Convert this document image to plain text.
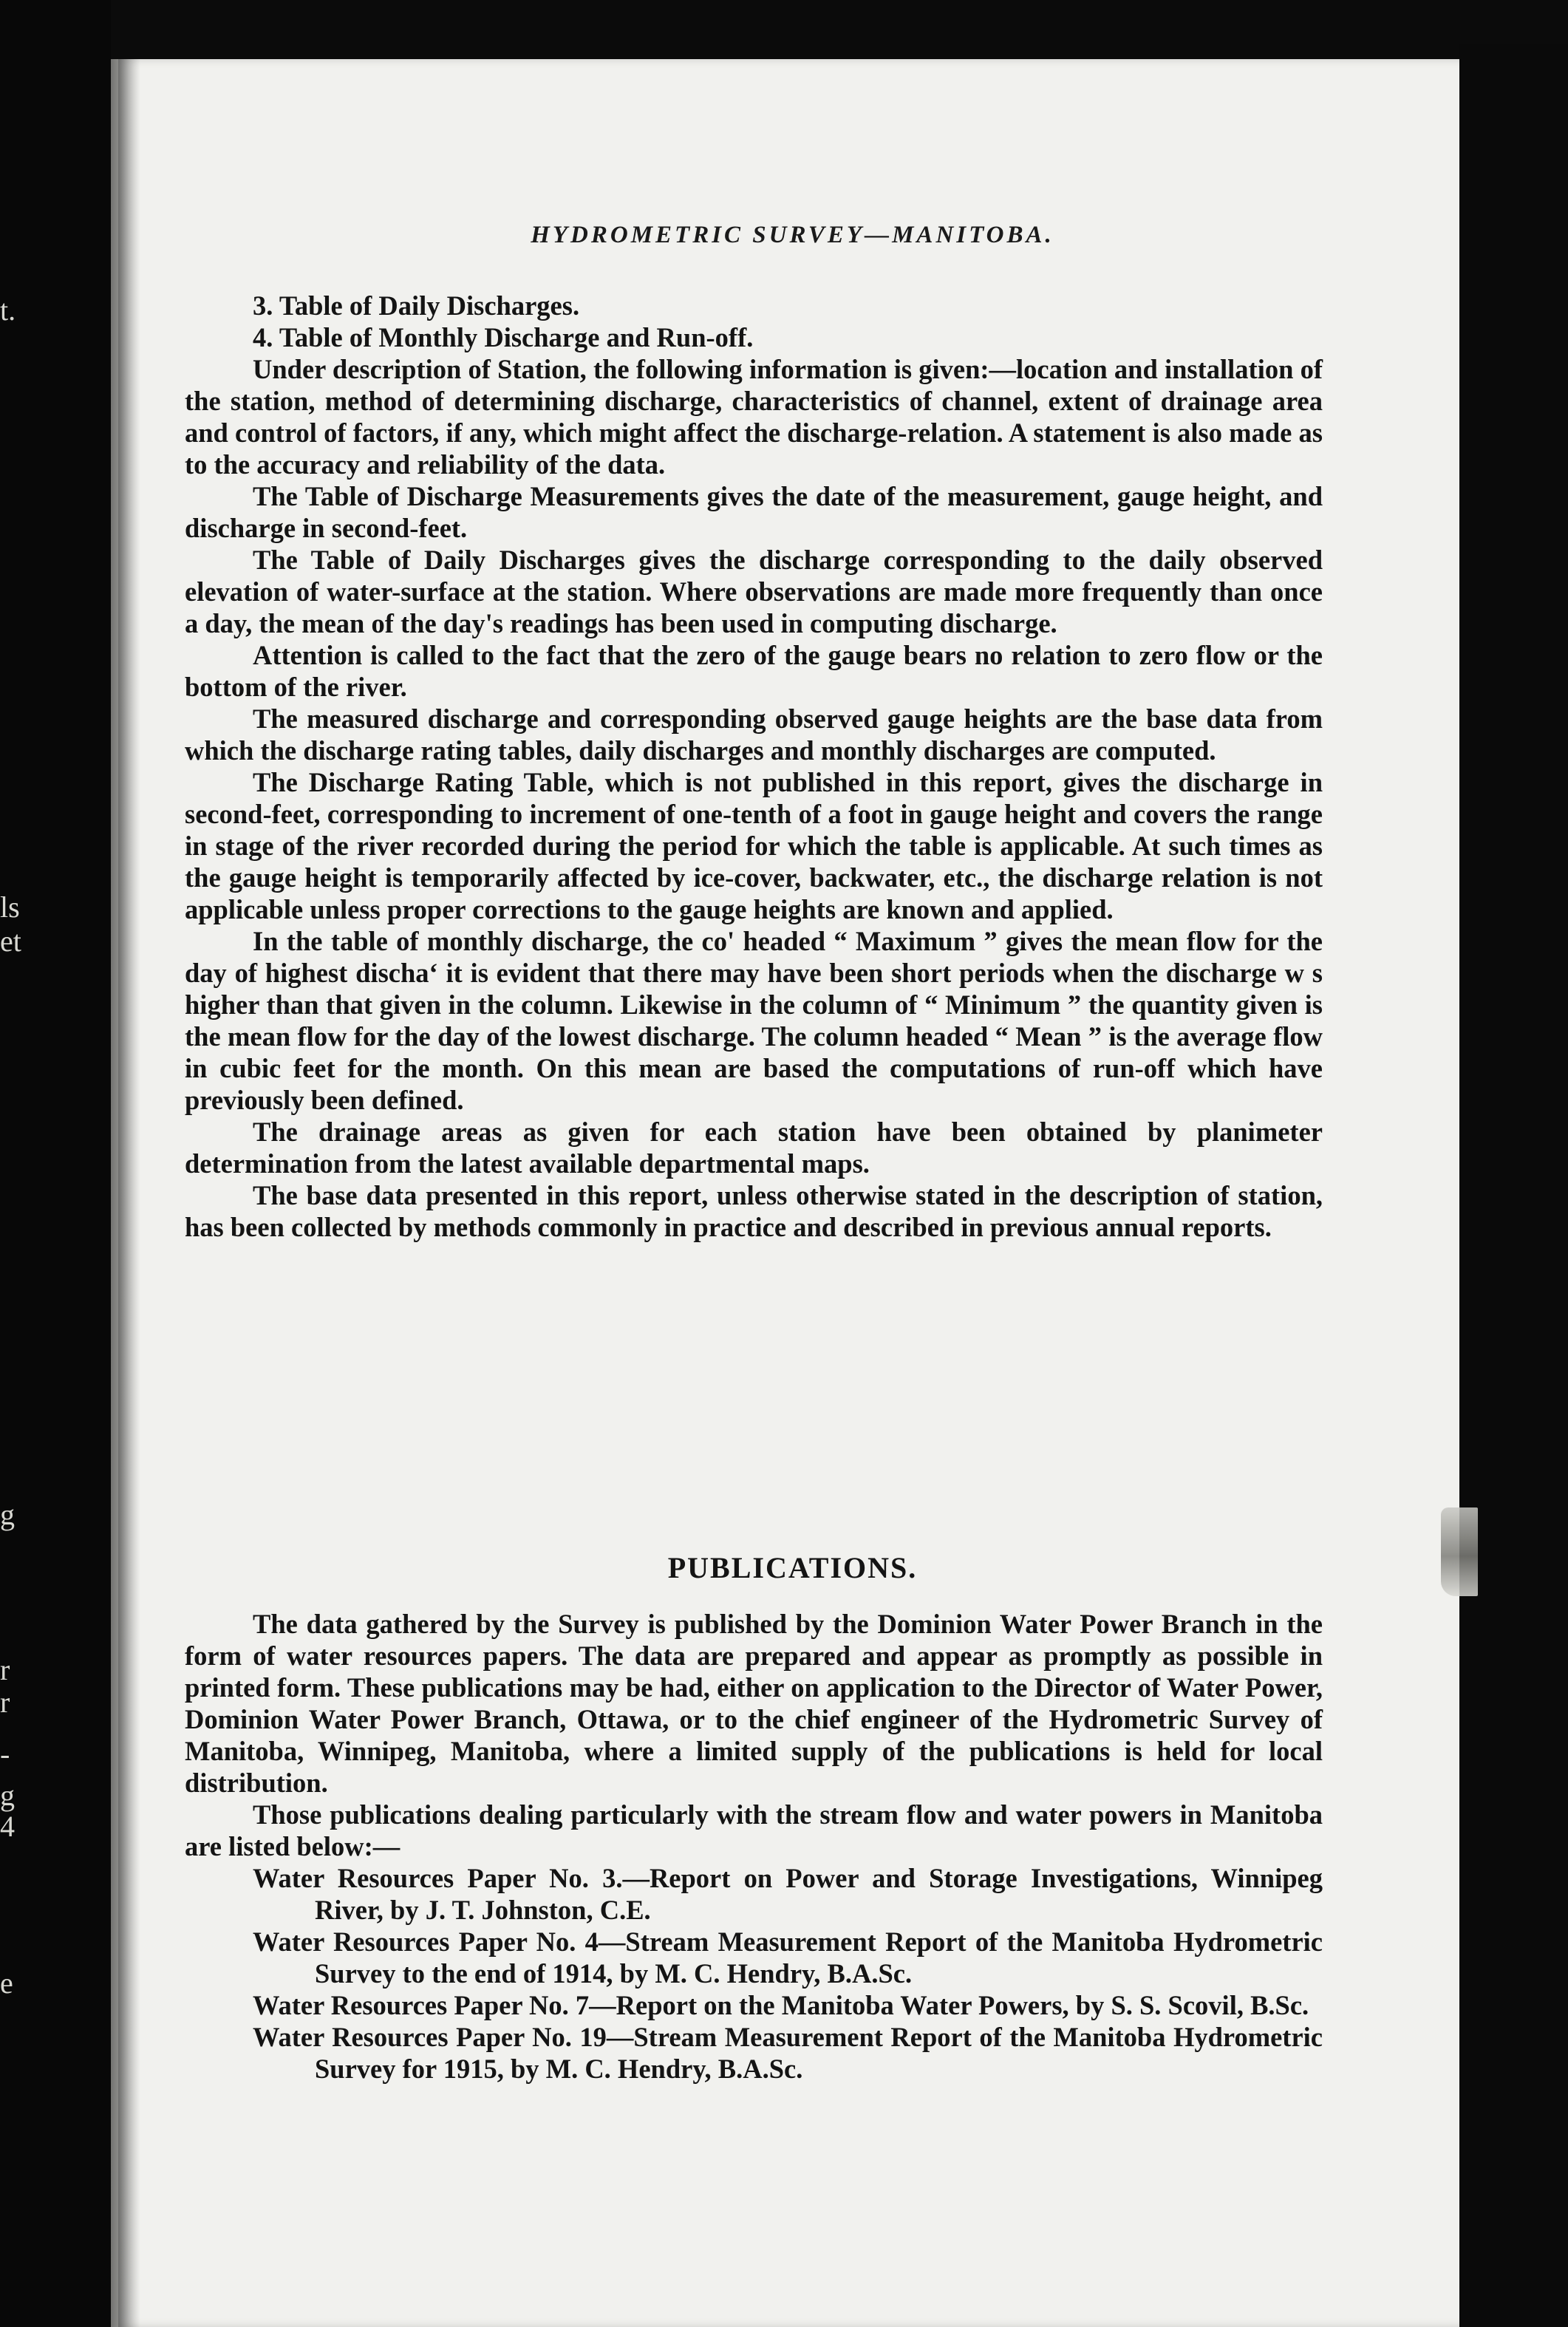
t.
ls
et
g
r
r
-
g
4
e
HYDROMETRIC SURVEY—MANITOBA.

3. Table of Daily Discharges.

4. Table of Monthly Discharge and Run-off.

Under description of Station, the following information is given:—location and installation of the station, method of determining discharge, characteristics of channel, extent of drainage area and control of factors, if any, which might affect the discharge-relation. A statement is also made as to the accuracy and reliability of the data.

The Table of Discharge Measurements gives the date of the measurement, gauge height, and discharge in second-feet.

The Table of Daily Discharges gives the discharge corresponding to the daily observed elevation of water-surface at the station. Where observations are made more frequently than once a day, the mean of the day's readings has been used in computing discharge.

Attention is called to the fact that the zero of the gauge bears no relation to zero flow or the bottom of the river.

The measured discharge and corresponding observed gauge heights are the base data from which the discharge rating tables, daily discharges and monthly discharges are computed.

The Discharge Rating Table, which is not published in this report, gives the discharge in second-feet, corresponding to increment of one-tenth of a foot in gauge height and covers the range in stage of the river recorded during the period for which the table is applicable. At such times as the gauge height is temporarily affected by ice-cover, backwater, etc., the discharge relation is not applicable unless proper corrections to the gauge heights are known and applied.

In the table of monthly discharge, the co' headed “ Maximum ” gives the mean flow for the day of highest dischaʻ it is evident that there may have been short periods when the discharge w s higher than that given in the column. Likewise in the column of “ Minimum ” the quantity given is the mean flow for the day of the lowest discharge. The column headed “ Mean ” is the average flow in cubic feet for the month. On this mean are based the computations of run-off which have previously been defined.

The drainage areas as given for each station have been obtained by planimeter determination from the latest available departmental maps.

The base data presented in this report, unless otherwise stated in the description of station, has been collected by methods commonly in practice and described in previous annual reports.

PUBLICATIONS.

The data gathered by the Survey is published by the Dominion Water Power Branch in the form of water resources papers. The data are prepared and appear as promptly as possible in printed form. These publications may be had, either on application to the Director of Water Power, Dominion Water Power Branch, Ottawa, or to the chief engineer of the Hydrometric Survey of Manitoba, Winnipeg, Manitoba, where a limited supply of the publications is held for local distribution.

Those publications dealing particularly with the stream flow and water powers in Manitoba are listed below:—

Water Resources Paper No. 3.—Report on Power and Storage Investigations, Winnipeg River, by J. T. Johnston, C.E.

Water Resources Paper No. 4—Stream Measurement Report of the Manitoba Hydrometric Survey to the end of 1914, by M. C. Hendry, B.A.Sc.

Water Resources Paper No. 7—Report on the Manitoba Water Powers, by S. S. Scovil, B.Sc.

Water Resources Paper No. 19—Stream Measurement Report of the Manitoba Hydrometric Survey for 1915, by M. C. Hendry, B.A.Sc.
